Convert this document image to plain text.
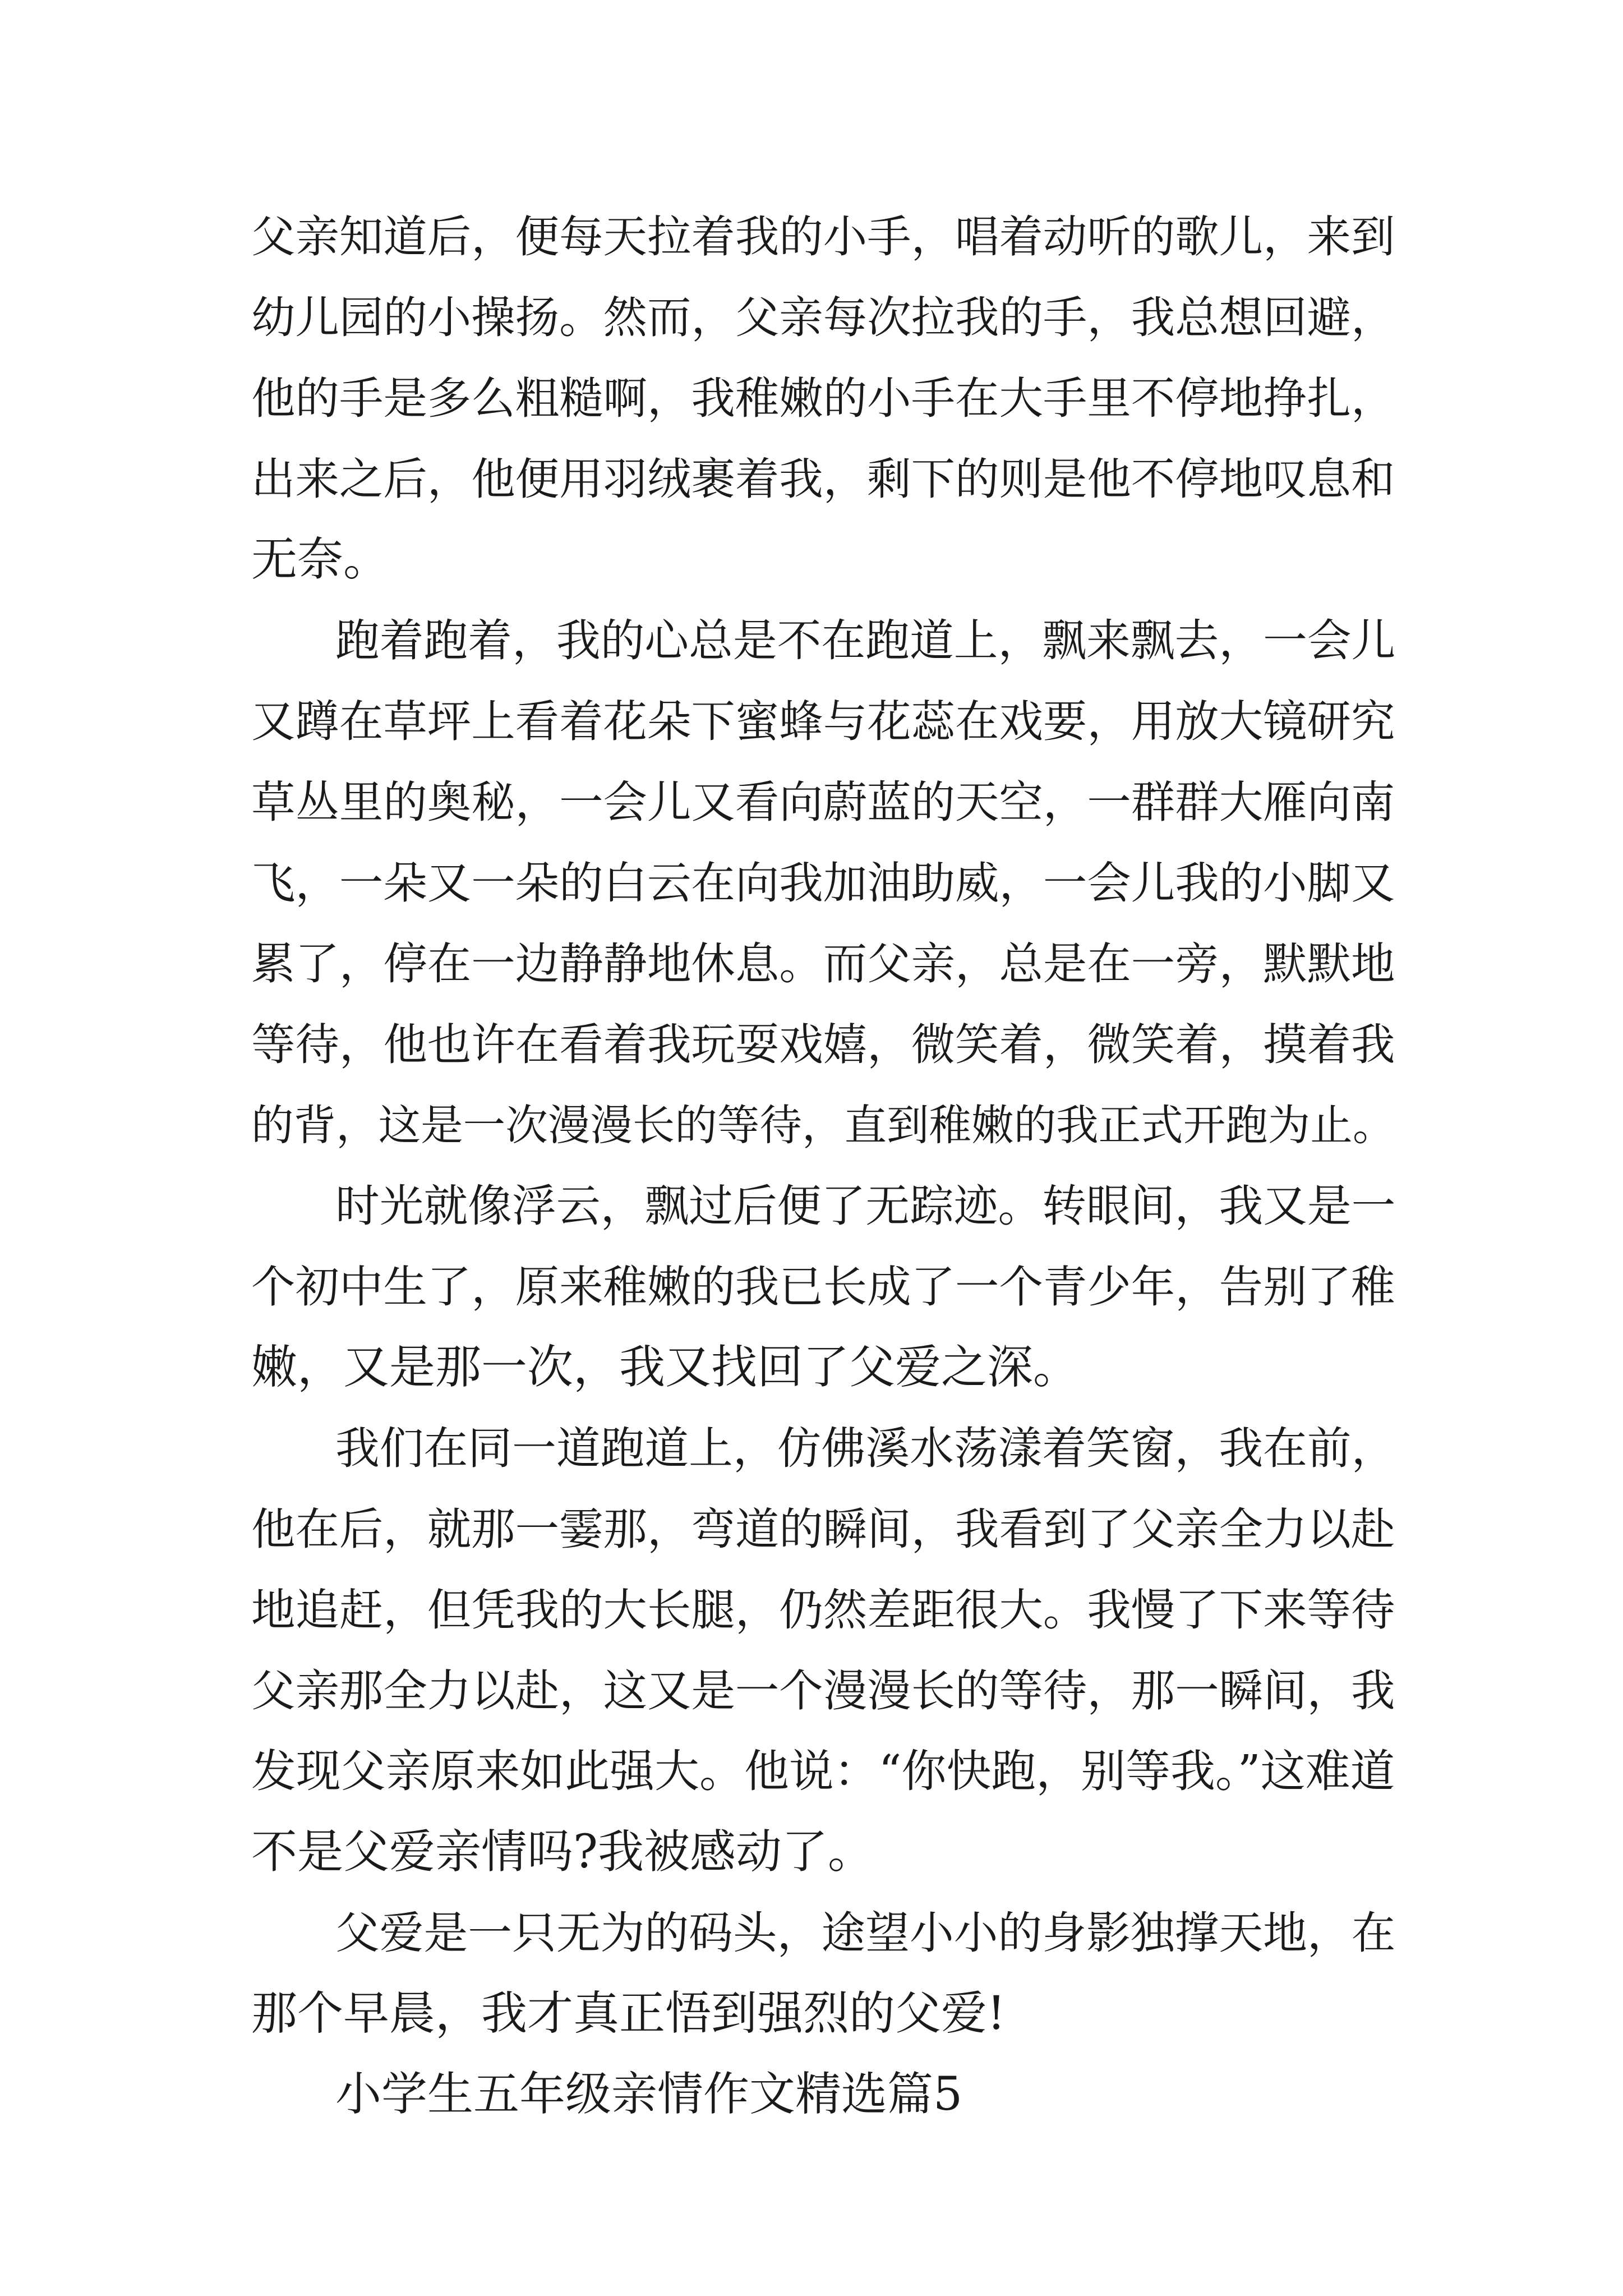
父亲知道后，便每天拉着我的小手，唱着动听的歌儿，来到
幼儿园的小操扬。然而，父亲每次拉我的手，我总想回避，
他的手是多么粗糙啊，我稚嫩的小手在大手里不停地挣扎，
出来之后，他便用羽绒裹着我，剩下的则是他不停地叹息和
无奈。
跑着跑着，我的心总是不在跑道上，飘来飘去，一会儿
又蹲在草坪上看着花朵下蜜蜂与花蕊在戏要，用放大镜研究
草丛里的奥秘，一会儿又看向蔚蓝的天空，一群群大雁向南
飞，一朵又一朵的白云在向我加油助威，一会儿我的小脚又
累了，停在一边静静地休息。而父亲，总是在一旁，默默地
等待，他也许在看着我玩耍戏嬉，微笑着，微笑着，摸着我
的背，这是一次漫漫长的等待，直到稚嫩的我正式开跑为止。
时光就像浮云，飘过后便了无踪迹。转眼间，我又是一
个初中生了，原来稚嫩的我已长成了一个青少年，告别了稚
嫩，又是那一次，我又找回了父爱之深。
我们在同一道跑道上，仿佛溪水荡漾着笑窗，我在前，
他在后，就那一霎那，弯道的瞬间，我看到了父亲全力以赴
地追赶，但凭我的大长腿，仍然差距很大。我慢了下来等待
父亲那全力以赴，这又是一个漫漫长的等待，那一瞬间，我
发现父亲原来如此强大。他说：“你快跑，别等我。”这难道
不是父爱亲情吗?我被感动了。
父爱是一只无为的码头，途望小小的身影独撑天地，在
那个早晨，我才真正悟到强烈的父爱!
小学生五年级亲情作文精选篇5
